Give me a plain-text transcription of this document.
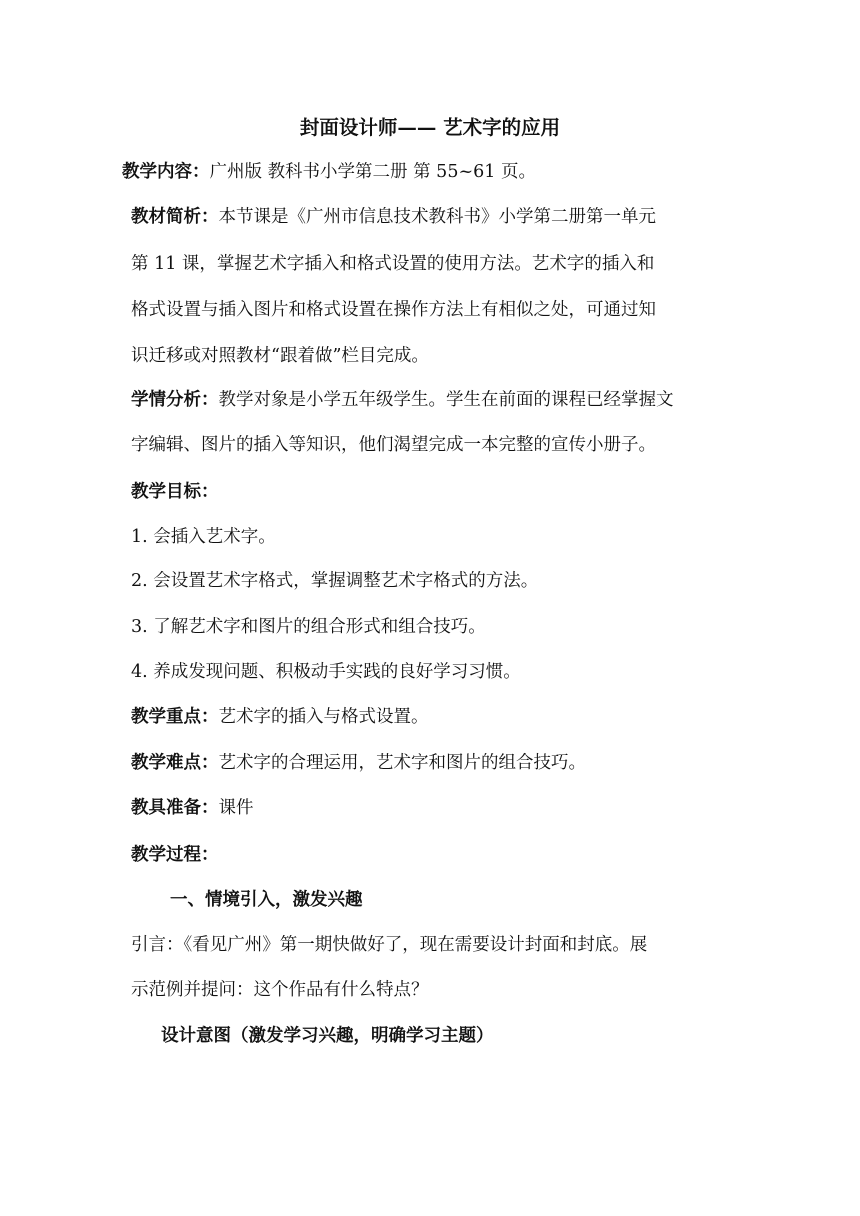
封面设计师—— 艺术字的应用
教学内容：广州版 教科书小学第二册 第 55~61 页。
教材简析：本节课是《广州市信息技术教科书》小学第二册第一单元
第 11 课，掌握艺术字插入和格式设置的使用方法。艺术字的插入和
格式设置与插入图片和格式设置在操作方法上有相似之处，可通过知
识迁移或对照教材“跟着做”栏目完成。
学情分析：教学对象是小学五年级学生。学生在前面的课程已经掌握文
字编辑、图片的插入等知识，他们渴望完成一本完整的宣传小册子。
教学目标：
1. 会插入艺术字。
2. 会设置艺术字格式，掌握调整艺术字格式的方法。
3. 了解艺术字和图片的组合形式和组合技巧。
4. 养成发现问题、积极动手实践的良好学习习惯。
教学重点：艺术字的插入与格式设置。
教学难点：艺术字的合理运用，艺术字和图片的组合技巧。
教具准备：课件
教学过程：
一、情境引入，激发兴趣
引言：《看见广州》第一期快做好了，现在需要设计封面和封底。展
示范例并提问：这个作品有什么特点？
设计意图（激发学习兴趣，明确学习主题）
